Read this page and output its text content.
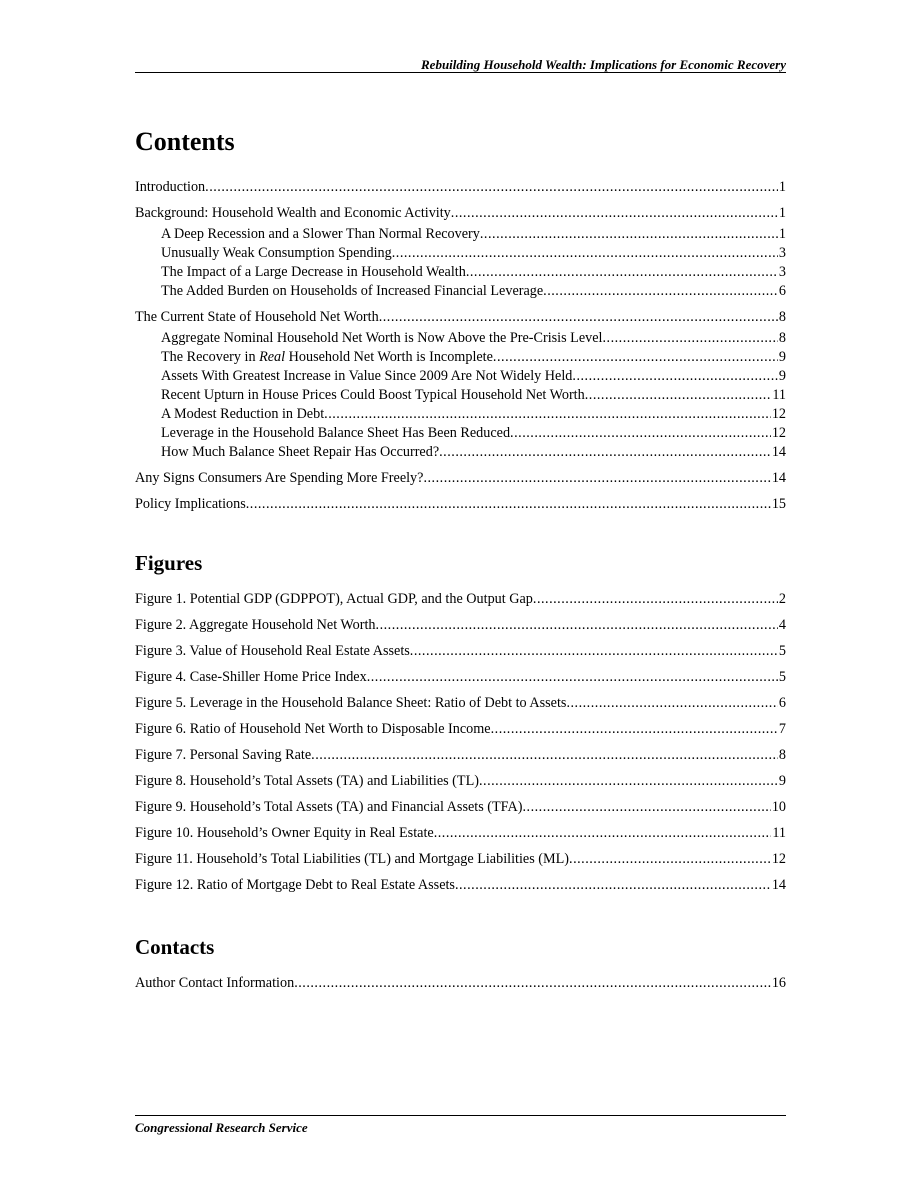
Rebuilding Household Wealth: Implications for Economic Recovery
Contents
Introduction .....	1
Background: Household Wealth and Economic Activity .....	1
A Deep Recession and a Slower Than Normal Recovery .....	1
Unusually Weak Consumption Spending .....	3
The Impact of a Large Decrease in Household Wealth .....	3
The Added Burden on Households of Increased Financial Leverage .....	6
The Current State of Household Net Worth .....	8
Aggregate Nominal Household Net Worth is Now Above the Pre-Crisis Level .....	8
The Recovery in Real Household Net Worth is Incomplete .....	9
Assets With Greatest Increase in Value Since 2009 Are Not Widely Held .....	9
Recent Upturn in House Prices Could Boost Typical Household Net Worth .....	11
A Modest Reduction in Debt .....	12
Leverage in the Household Balance Sheet Has Been Reduced .....	12
How Much Balance Sheet Repair Has Occurred? .....	14
Any Signs Consumers Are Spending More Freely? .....	14
Policy Implications .....	15
Figures
Figure 1. Potential GDP (GDPPOT), Actual GDP, and the Output Gap .....	2
Figure 2. Aggregate Household Net Worth .....	4
Figure 3. Value of Household Real Estate Assets .....	5
Figure 4. Case-Shiller Home Price Index .....	5
Figure 5. Leverage in the Household Balance Sheet: Ratio of Debt to Assets .....	6
Figure 6. Ratio of Household Net Worth to Disposable Income .....	7
Figure 7. Personal Saving Rate .....	8
Figure 8. Household’s Total Assets (TA) and Liabilities (TL) .....	9
Figure 9. Household’s Total Assets (TA) and Financial Assets (TFA) .....	10
Figure 10. Household’s Owner Equity in Real Estate .....	11
Figure 11. Household’s Total Liabilities (TL) and Mortgage Liabilities (ML) .....	12
Figure 12. Ratio of Mortgage Debt to Real Estate Assets .....	14
Contacts
Author Contact Information .....	16
Congressional Research Service
